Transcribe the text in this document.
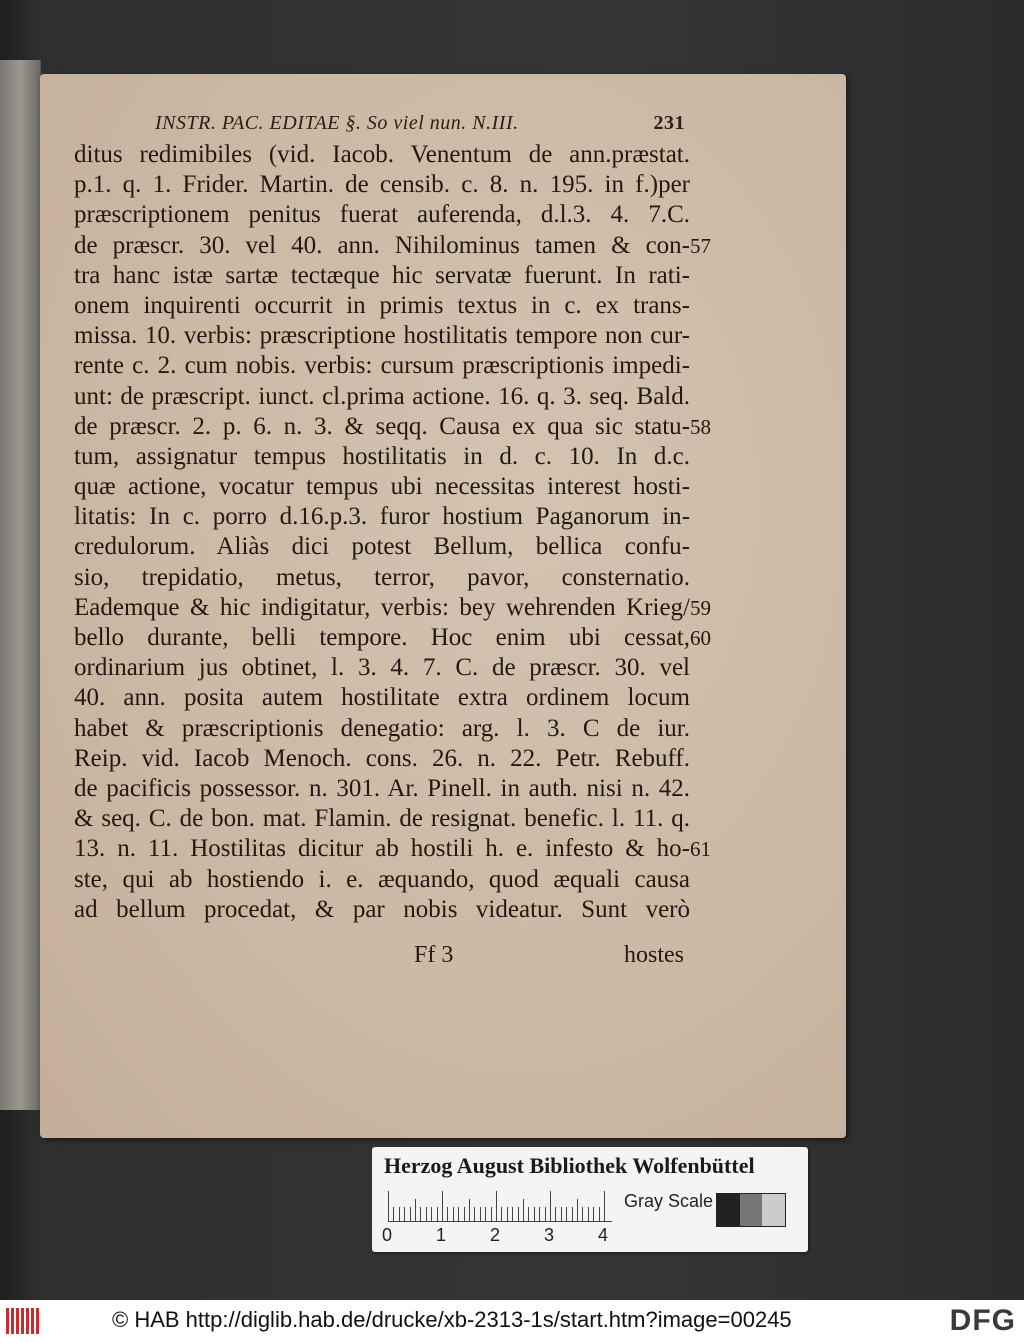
INSTR. PAC. EDITAE §. So viel nun. N.III.	231
ditus redimibiles (vid. Iacob. Venentum de ann.præstat.
p.1. q. 1. Frider. Martin. de censib. c. 8. n. 195. in f.)per
præscriptionem penitus fuerat auferenda, d.l.3. 4. 7.C.
de præscr. 30. vel 40. ann. Nihilominus tamen & con-
tra hanc istæ sartæ tectæque hic servatæ fuerunt. In rati-
onem inquirenti occurrit in primis textus in c. ex trans-
missa. 10. verbis: præscriptione hostilitatis tempore non cur-
rente c. 2. cum nobis. verbis: cursum præscriptionis impedi-
unt: de præscript. iunct. cl.prima actione. 16. q. 3. seq. Bald.
de præscr. 2. p. 6. n. 3. & seqq. Causa ex qua sic statu-
tum, assignatur tempus hostilitatis in d. c. 10. In d.c.
quæ actione, vocatur tempus ubi necessitas interest hosti-
litatis: In c. porro d.16.p.3. furor hostium Paganorum in-
credulorum. Aliàs dici potest Bellum, bellica confu-
sio, trepidatio, metus, terror, pavor, consternatio.
Eademque & hic indigitatur, verbis: bey wehrenden Krieg/
bello durante, belli tempore. Hoc enim ubi cessat,
ordinarium jus obtinet, l. 3. 4. 7. C. de præscr. 30. vel
40. ann. posita autem hostilitate extra ordinem locum
habet & præscriptionis denegatio: arg. l. 3. C de iur.
Reip. vid. Iacob Menoch. cons. 26. n. 22. Petr. Rebuff.
de pacificis possessor. n. 301. Ar. Pinell. in auth. nisi n. 42.
& seq. C. de bon. mat. Flamin. de resignat. benefic. l. 11. q.
13. n. 11. Hostilitas dicitur ab hostili h. e. infesto & ho-
ste, qui ab hostiendo i. e. æquando, quod æquali causa
ad bellum procedat, & par nobis videatur. Sunt verò
57
58
59
60
61
Ff 3	hostes
Herzog August Bibliothek Wolfenbüttel
0 1 2 3 4
Gray Scale
© HAB http://diglib.hab.de/drucke/xb-2313-1s/start.htm?image=00245	DFG
